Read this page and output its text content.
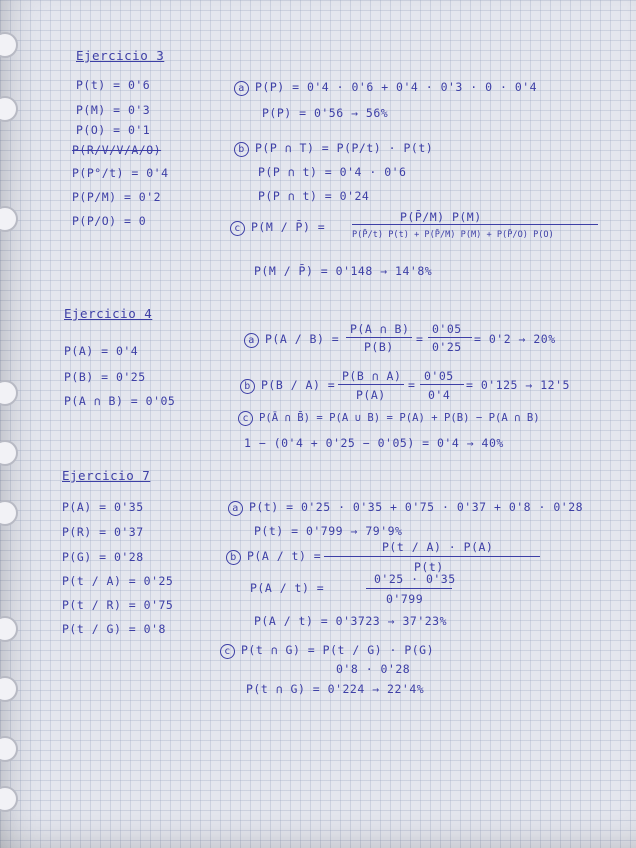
Ejercicio 3
P(t) = 0'6
P(M) = 0'3
P(O) = 0'1
P(R/V/V/A/O)
P(P°/t) = 0'4
P(P/M) = 0'2
P(P/O) = 0
a P(P) = 0'4 · 0'6 + 0'4 · 0'3 · 0 · 0'4
P(P) = 0'56 → 56%
b P(P ∩ T) = P(P/t) · P(t)
P(P ∩ t) = 0'4 · 0'6
P(P ∩ t) = 0'24
c P(M / P̄) =
P(P̄/M) P(M)
P(P̄/t) P(t) + P(P̄/M) P(M) + P(P̄/O) P(O)
P(M / P̄) = 0'148 → 14'8%
Ejercicio 4
P(A) = 0'4
P(B) = 0'25
P(A ∩ B) = 0'05
a P(A / B) =
P(A ∩ B)
P(B)
=
0'05
0'25
= 0'2 → 20%
b P(B / A) =
P(B ∩ A)
P(A)
=
0'05
0'4
= 0'125 → 12'5
c P(Ā ∩ B̄) = P(A ∪ B) = P(A) + P(B) − P(A ∩ B)
1 − (0'4 + 0'25 − 0'05) = 0'4 → 40%
Ejercicio 7
P(A) = 0'35
P(R) = 0'37
P(G) = 0'28
P(t / A) = 0'25
P(t / R) = 0'75
P(t / G) = 0'8
a P(t) = 0'25 · 0'35 + 0'75 · 0'37 + 0'8 · 0'28
P(t) = 0'799 → 79'9%
b P(A / t) =
P(t / A) · P(A)
P(t)
P(A / t) =
0'25 · 0'35
0'799
P(A / t) = 0'3723 → 37'23%
c P(t ∩ G) = P(t / G) · P(G)
0'8 · 0'28
P(t ∩ G) = 0'224 → 22'4%
